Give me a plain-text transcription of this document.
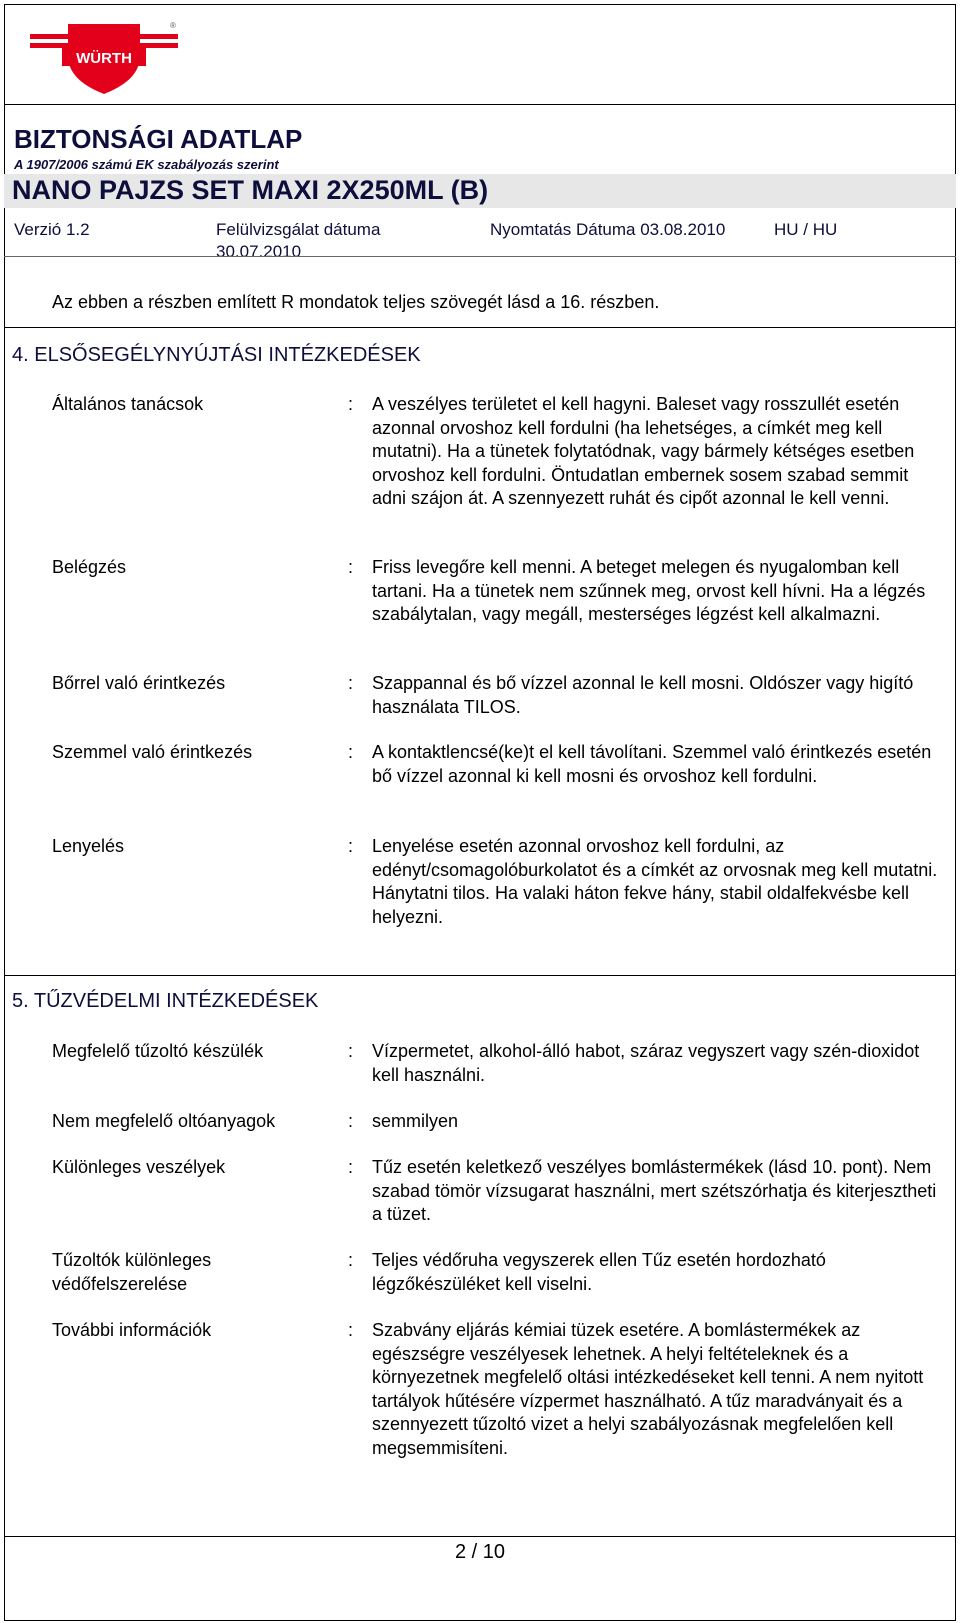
WÜRTH
®
BIZTONSÁGI ADATLAP
A 1907/2006 számú EK szabályozás szerint
NANO PAJZS SET MAXI 2X250ML (B)
Verzió 1.2	Felülvizsgálat dátuma
30.07.2010
Nyomtatás Dátuma 03.08.2010	HU / HU
Az ebben a részben említett R mondatok teljes szövegét lásd a 16. részben.
4. ELSŐSEGÉLYNYÚJTÁSI INTÉZKEDÉSEK
Általános tanácsok	: A veszélyes területet el kell hagyni. Baleset vagy rosszullét esetén azonnal orvoshoz kell fordulni (ha lehetséges, a címkét meg kell mutatni). Ha a tünetek folytatódnak, vagy bármely kétséges esetben orvoshoz kell fordulni. Öntudatlan embernek sosem szabad semmit adni szájon át. A szennyezett ruhát és cipőt azonnal le kell venni.
Belégzés	: Friss levegőre kell menni. A beteget melegen és nyugalomban kell tartani. Ha a tünetek nem szűnnek meg, orvost kell hívni. Ha a légzés szabálytalan, vagy megáll, mesterséges légzést kell alkalmazni.
Bőrrel való érintkezés	: Szappannal és bő vízzel azonnal le kell mosni. Oldószer vagy higító használata TILOS.
Szemmel való érintkezés	: A kontaktlencsé(ke)t el kell távolítani. Szemmel való érintkezés esetén bő vízzel azonnal ki kell mosni és orvoshoz kell fordulni.
Lenyelés	: Lenyelése esetén azonnal orvoshoz kell fordulni, az edényt/csomagolóburkolatot és a címkét az orvosnak meg kell mutatni. Hánytatni tilos. Ha valaki háton fekve hány, stabil oldalfekvésbe kell helyezni.
5. TŰZVÉDELMI INTÉZKEDÉSEK
Megfelelő tűzoltó készülék	: Vízpermetet, alkohol-álló habot, száraz vegyszert vagy szén-dioxidot kell használni.
Nem megfelelő oltóanyagok	: semmilyen
Különleges veszélyek	: Tűz esetén keletkező veszélyes bomlástermékek (lásd 10. pont). Nem szabad tömör vízsugarat használni, mert szétszórhatja és kiterjesztheti a tüzet.
Tűzoltók különleges védőfelszerelése
: Teljes védőruha vegyszerek ellen Tűz esetén hordozható légzőkészüléket kell viselni.
További információk	: Szabvány eljárás kémiai tüzek esetére. A bomlástermékek az egészségre veszélyesek lehetnek. A helyi feltételeknek és a környezetnek megfelelő oltási intézkedéseket kell tenni. A nem nyitott tartályok hűtésére vízpermet használható. A tűz maradványait és a szennyezett tűzoltó vizet a helyi szabályozásnak megfelelően kell megsemmisíteni.
2 / 10
